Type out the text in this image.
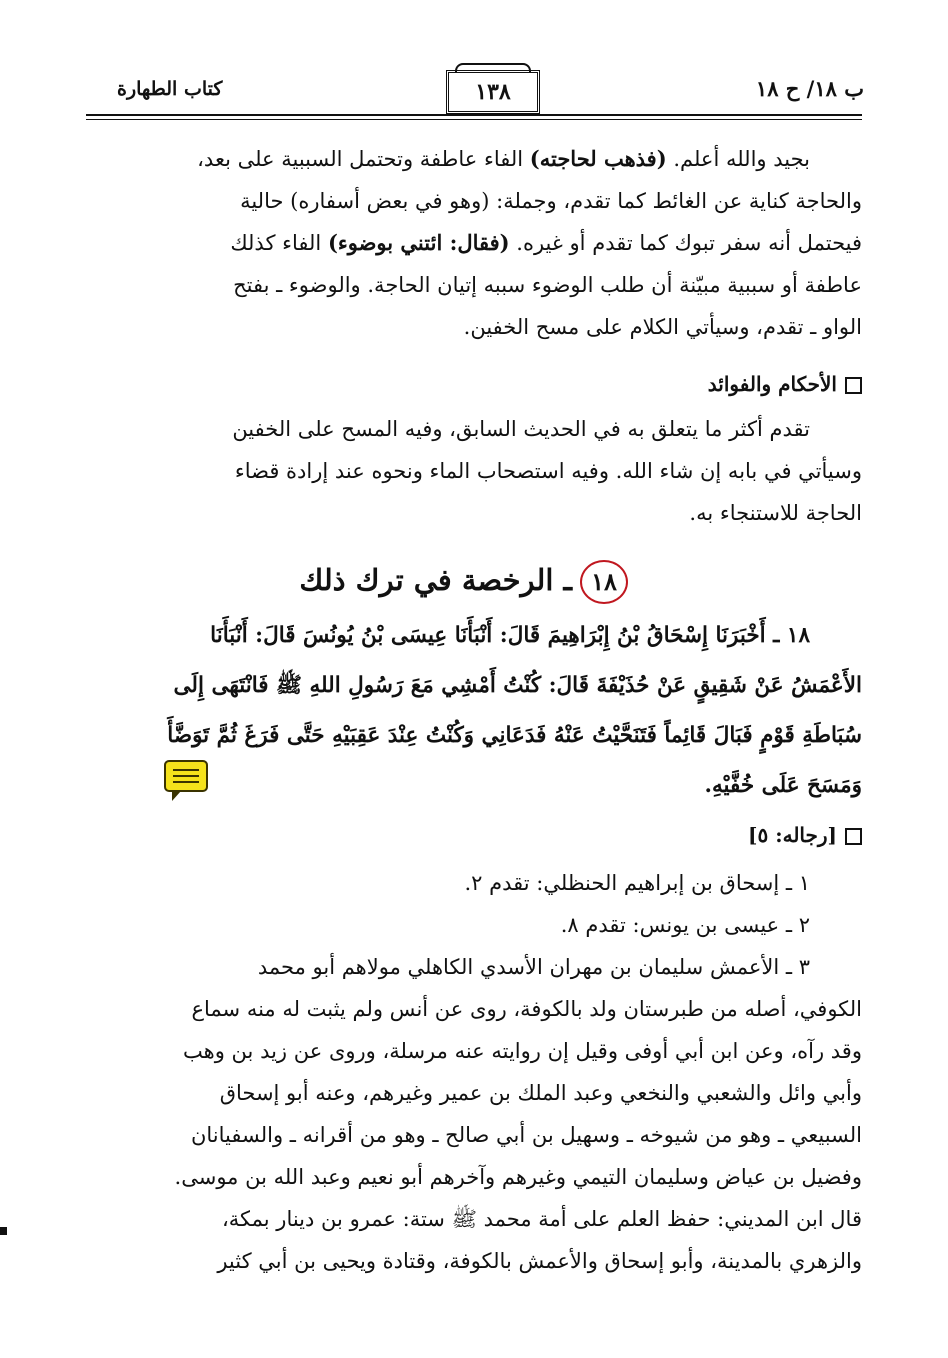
ب ١٨/ ح ١٨
١٣٨
كتاب الطهارة
بجيد والله أعلم. (فذهب لحاجته) الفاء عاطفة وتحتمل السببية على بعد،
والحاجة كناية عن الغائط كما تقدم، وجملة: (وهو في بعض أسفاره) حالية
فيحتمل أنه سفر تبوك كما تقدم أو غيره. (فقال: ائتني بوضوء) الفاء كذلك
عاطفة أو سببية مبيّنة أن طلب الوضوء سببه إتيان الحاجة. والوضوء ـ بفتح
الواو ـ تقدم، وسيأتي الكلام على مسح الخفين.
الأحكام والفوائد
تقدم أكثر ما يتعلق به في الحديث السابق، وفيه المسح على الخفين
وسيأتي في بابه إن شاء الله. وفيه استصحاب الماء ونحوه عند إرادة قضاء
الحاجة للاستنجاء به.
١٨ـ الرخصة في ترك ذلك
١٨ ـ أَخْبَرَنَا إِسْحَاقُ بْنُ إِبْرَاهِيمَ قَالَ: أَنْبَأَنَا عِيسَى بْنُ يُونُسَ قَالَ: أَنْبَأَنَا
الأَعْمَشُ عَنْ شَقِيقٍ عَنْ حُذَيْفَةَ قَالَ: كُنْتُ أَمْشِي مَعَ رَسُولِ اللهِ ﷺ فَانْتَهَى إِلَى
سُبَاطَةِ قَوْمٍ فَبَالَ قَائِماً فَتَنَحَّيْتُ عَنْهُ فَدَعَانِي وَكُنْتُ عِنْدَ عَقِبَيْهِ حَتَّى فَرَغَ ثُمَّ تَوَضَّأَ
وَمَسَحَ عَلَى خُفَّيْهِ.
[رجاله: ٥]
١ ـ إسحاق بن إبراهيم الحنظلي: تقدم ٢.
٢ ـ عيسى بن يونس: تقدم ٨.
٣ ـ الأعمش سليمان بن مهران الأسدي الكاهلي مولاهم أبو محمد
الكوفي، أصله من طبرستان ولد بالكوفة، روى عن أنس ولم يثبت له منه سماع
وقد رآه، وعن ابن أبي أوفى وقيل إن روايته عنه مرسلة، وروى عن زيد بن وهب
وأبي وائل والشعبي والنخعي وعبد الملك بن عمير وغيرهم، وعنه أبو إسحاق
السبيعي ـ وهو من شيوخه ـ وسهيل بن أبي صالح ـ وهو من أقرانه ـ والسفيانان
وفضيل بن عياض وسليمان التيمي وغيرهم وآخرهم أبو نعيم وعبد الله بن موسى.
قال ابن المديني: حفظ العلم على أمة محمد ﷺ ستة: عمرو بن دينار بمكة،
والزهري بالمدينة، وأبو إسحاق والأعمش بالكوفة، وقتادة ويحيى بن أبي كثير
